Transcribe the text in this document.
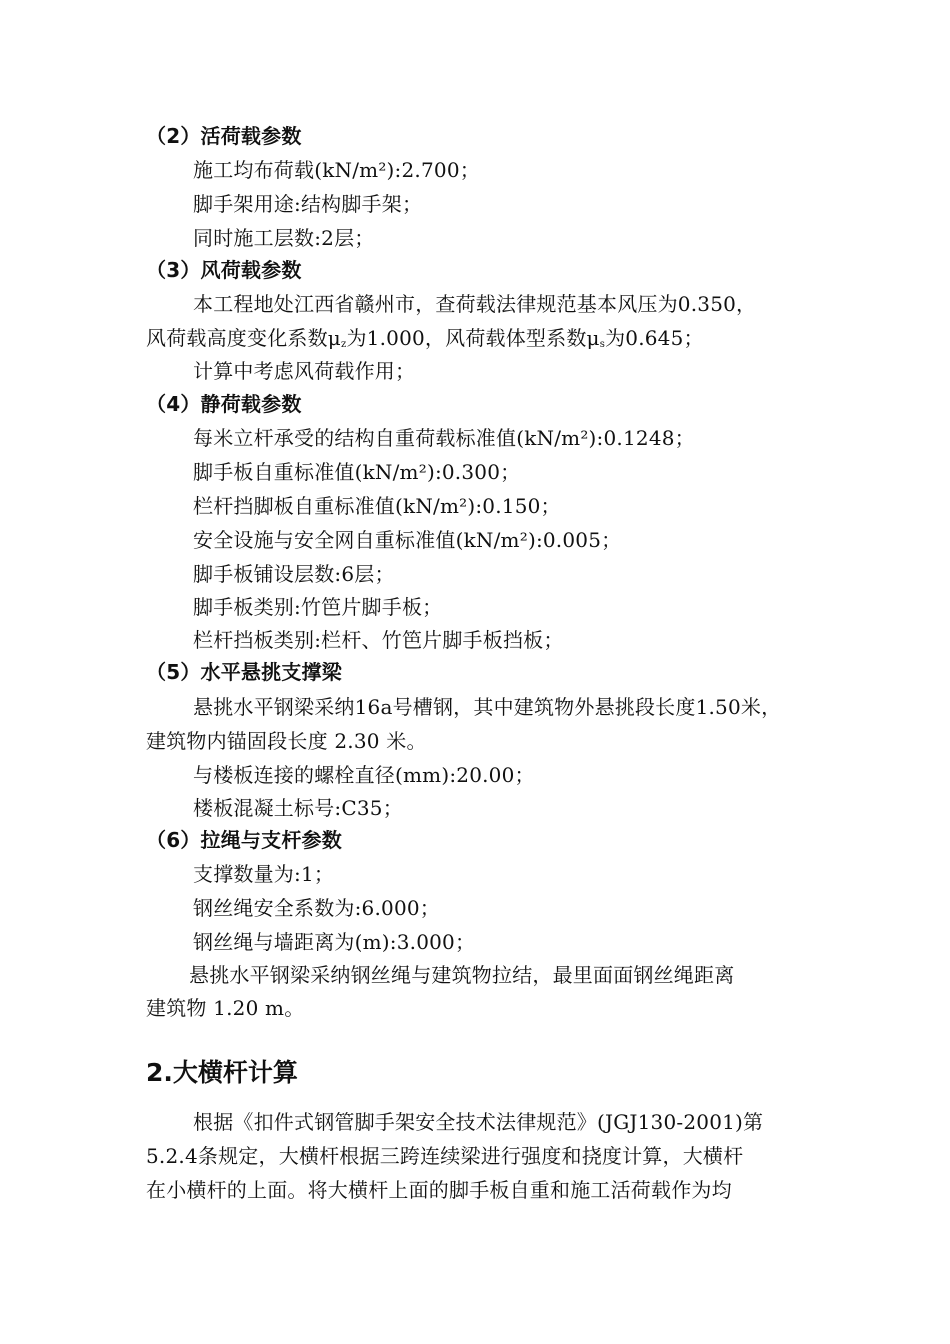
（2）活荷载参数
施工均布荷载(kN/m²):2.700；
脚手架用途:结构脚手架；
同时施工层数:2层；
（3）风荷载参数
本工程地处江西省赣州市，查荷载法律规范基本风压为0.350，
风荷载高度变化系数$\mu_z$为1.000，风荷载体型系数$\mu_s$为0.645；
计算中考虑风荷载作用；
（4）静荷载参数
每米立杆承受的结构自重荷载标准值(kN/m²):0.1248；
脚手板自重标准值(kN/m²):0.300；
栏杆挡脚板自重标准值(kN/m²):0.150；
安全设施与安全网自重标准值(kN/m²):0.005；
脚手板铺设层数:6层；
脚手板类别:竹笆片脚手板；
栏杆挡板类别:栏杆、竹笆片脚手板挡板；
（5）水平悬挑支撑梁
悬挑水平钢梁采纳16a号槽钢，其中建筑物外悬挑段长度1.50米，
建筑物内锚固段长度 2.30 米。
与楼板连接的螺栓直径(mm):20.00；
楼板混凝土标号:C35；
（6）拉绳与支杆参数
支撑数量为:1；
钢丝绳安全系数为:6.000；
钢丝绳与墙距离为(m):3.000；
悬挑水平钢梁采纳钢丝绳与建筑物拉结，最里面面钢丝绳距离
建筑物 1.20 m。
2.大横杆计算
根据《扣件式钢管脚手架安全技术法律规范》(JGJ130-2001)第
5.2.4条规定，大横杆根据三跨连续梁进行强度和挠度计算，大横杆
在小横杆的上面。将大横杆上面的脚手板自重和施工活荷载作为均
